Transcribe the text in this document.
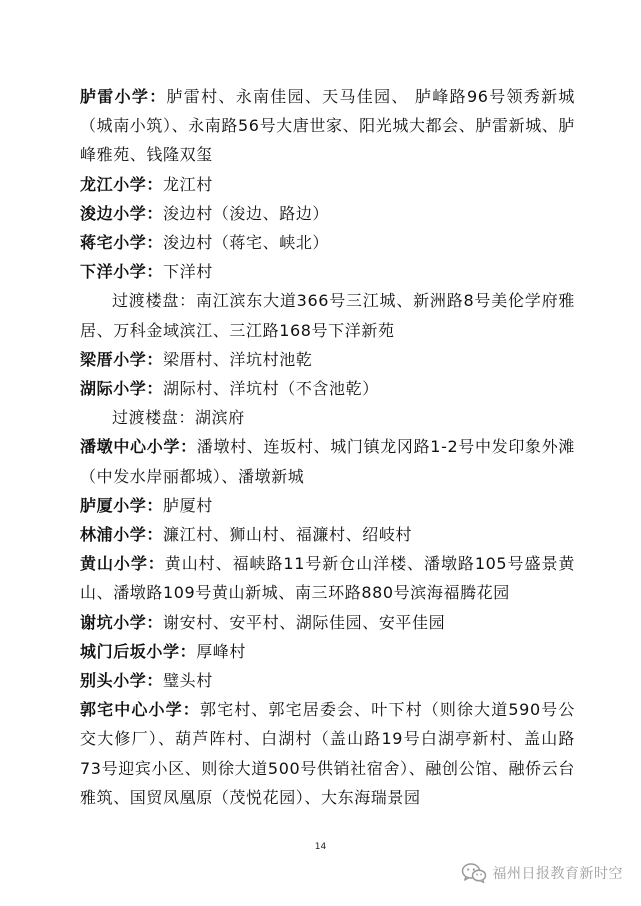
胪雷小学：胪雷村、永南佳园、天马佳园、 胪峰路96号领秀新城（城南小筑）、永南路56号大唐世家、阳光城大都会、胪雷新城、胪峰雅苑、钱隆双玺

龙江小学：龙江村

浚边小学：浚边村（浚边、路边）

蒋宅小学：浚边村（蒋宅、峡北）

下洋小学：下洋村

过渡楼盘：南江滨东大道366号三江城、新洲路8号美伦学府雅居、万科金域滨江、三江路168号下洋新苑

梁厝小学：梁厝村、洋坑村池乾

湖际小学：湖际村、洋坑村（不含池乾）

过渡楼盘：湖滨府

潘墩中心小学：潘墩村、连坂村、城门镇龙冈路1-2号中发印象外滩（中发水岸丽都城）、潘墩新城

胪厦小学：胪厦村

林浦小学：濂江村、狮山村、福濂村、绍岐村

黄山小学：黄山村、福峡路11号新仓山洋楼、潘墩路105号盛景黄山、潘墩路109号黄山新城、南三环路880号滨海福腾花园

谢坑小学：谢安村、安平村、湖际佳园、安平佳园

城门后坂小学：厚峰村

别头小学：璧头村

郭宅中心小学：郭宅村、郭宅居委会、叶下村（则徐大道590号公交大修厂）、葫芦阵村、白湖村（盖山路19号白湖亭新村、盖山路73号迎宾小区、则徐大道500号供销社宿舍）、融创公馆、融侨云台雅筑、国贸凤凰原（茂悦花园）、大东海瑞景园

14
福州日报教育新时空
